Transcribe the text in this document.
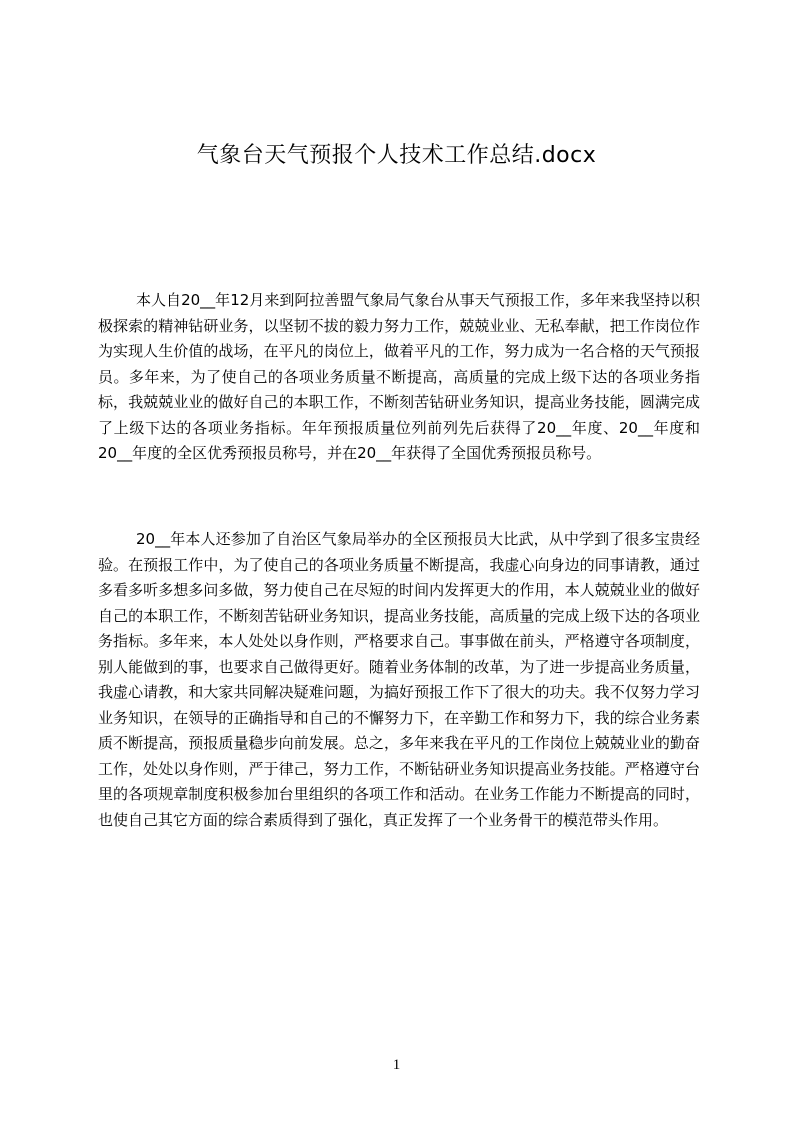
气象台天气预报个人技术工作总结.docx

本人自20__年12月来到阿拉善盟气象局气象台从事天气预报工作，多年来我坚持以积极探索的精神钻研业务，以坚韧不拔的毅力努力工作，兢兢业业、无私奉献，把工作岗位作为实现人生价值的战场，在平凡的岗位上，做着平凡的工作，努力成为一名合格的天气预报员。多年来，为了使自己的各项业务质量不断提高，高质量的完成上级下达的各项业务指标，我兢兢业业的做好自己的本职工作，不断刻苦钻研业务知识，提高业务技能，圆满完成了上级下达的各项业务指标。年年预报质量位列前列先后获得了20__年度、20__年度和20__年度的全区优秀预报员称号，并在20__年获得了全国优秀预报员称号。

20__年本人还参加了自治区气象局举办的全区预报员大比武，从中学到了很多宝贵经验。在预报工作中，为了使自己的各项业务质量不断提高，我虚心向身边的同事请教，通过多看多听多想多问多做，努力使自己在尽短的时间内发挥更大的作用，本人兢兢业业的做好自己的本职工作，不断刻苦钻研业务知识，提高业务技能，高质量的完成上级下达的各项业务指标。多年来，本人处处以身作则，严格要求自己。事事做在前头，严格遵守各项制度，别人能做到的事，也要求自己做得更好。随着业务体制的改革，为了进一步提高业务质量，我虚心请教，和大家共同解决疑难问题，为搞好预报工作下了很大的功夫。我不仅努力学习业务知识，在领导的正确指导和自己的不懈努力下，在辛勤工作和努力下，我的综合业务素质不断提高，预报质量稳步向前发展。总之，多年来我在平凡的工作岗位上兢兢业业的勤奋工作，处处以身作则，严于律己，努力工作，不断钻研业务知识提高业务技能。严格遵守台里的各项规章制度积极参加台里组织的各项工作和活动。在业务工作能力不断提高的同时，也使自己其它方面的综合素质得到了强化，真正发挥了一个业务骨干的模范带头作用。

1
